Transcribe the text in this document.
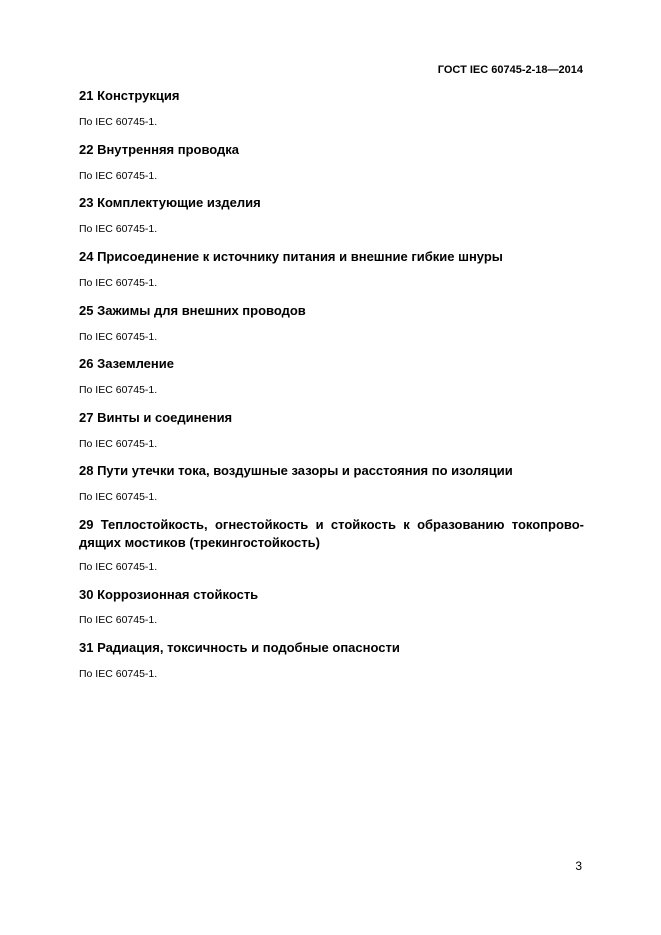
ГОСТ IEC 60745-2-18—2014

21 Конструкция

По IEC 60745-1.

22 Внутренняя проводка

По IEC 60745-1.

23 Комплектующие изделия

По IEC 60745-1.

24 Присоединение к источнику питания и внешние гибкие шнуры

По IEC 60745-1.

25 Зажимы для внешних проводов

По IEC 60745-1.

26 Заземление

По IEC 60745-1.

27 Винты и соединения

По IEC 60745-1.

28 Пути утечки тока, воздушные зазоры и расстояния по изоляции

По IEC 60745-1.

29 Теплостойкость, огнестойкость и стойкость к образованию токопрово-дящих мостиков (трекингостойкость)

По IEC 60745-1.

30 Коррозионная стойкость

По IEC 60745-1.

31 Радиация, токсичность и подобные опасности

По IEC 60745-1.

3
